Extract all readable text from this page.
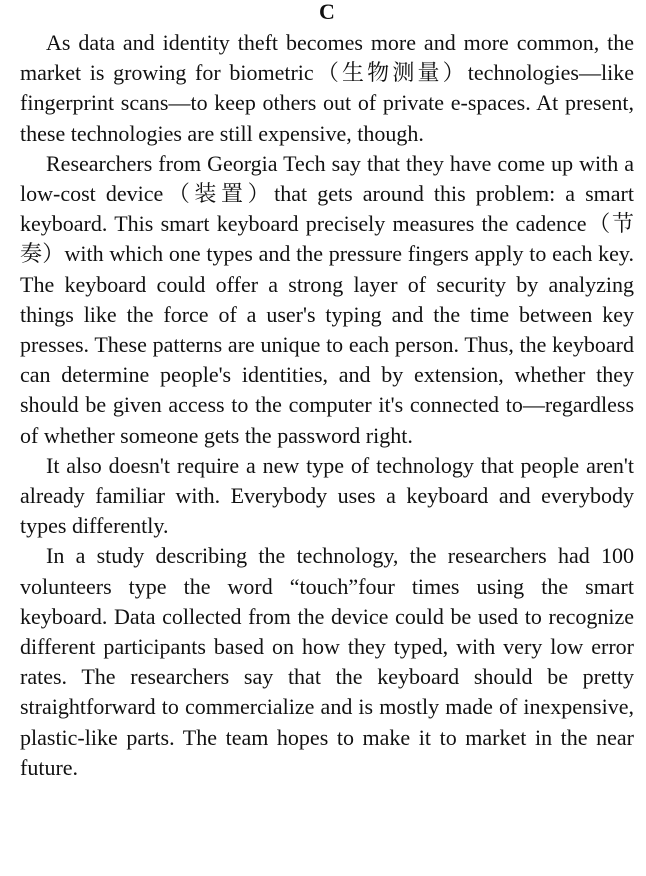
C

As data and identity theft becomes more and more common, the market is growing for biometric（生物测量）technologies—like fingerprint scans—to keep others out of private e-spaces. At present, these technologies are still expensive, though.

Researchers from Georgia Tech say that they have come up with a low-cost device（装置）that gets around this problem: a smart keyboard. This smart keyboard precisely measures the cadence（节奏）with which one types and the pressure fingers apply to each key. The keyboard could offer a strong layer of security by analyzing things like the force of a user's typing and the time between key presses. These patterns are unique to each person. Thus, the keyboard can determine people's identities, and by extension, whether they should be given access to the computer it's connected to—regardless of whether someone gets the password right.

It also doesn't require a new type of technology that people aren't already familiar with. Everybody uses a keyboard and everybody types differently.

In a study describing the technology, the researchers had 100 volunteers type the word “touch”four times using the smart keyboard. Data collected from the device could be used to recognize different participants based on how they typed, with very low error rates. The researchers say that the keyboard should be pretty straightforward to commercialize and is mostly made of inexpensive, plastic-like parts. The team hopes to make it to market in the near future.
